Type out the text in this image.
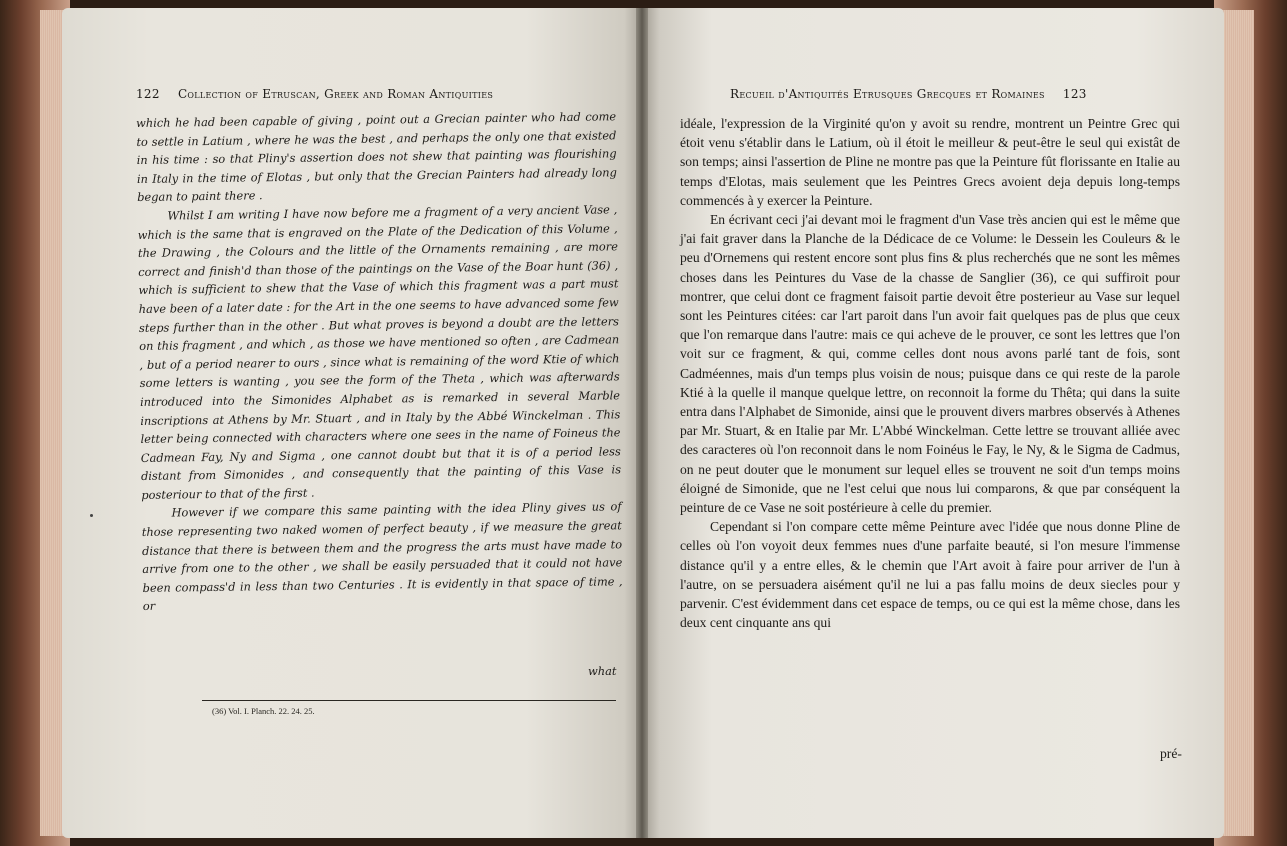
122 Collection of Etruscan, Greek and Roman Antiquities	Recueil d'Antiquités Etrusques Grecques et Romaines 123

which he had been capable of giving , point out a Grecian painter who had come to settle in Latium , where he was the best , and perhaps the only one that existed in his time : so that Pliny's assertion does not shew that painting was flourishing in Italy in the time of Elotas , but only that the Grecian Painters had already long began to paint there .

Whilst I am writing I have now before me a fragment of a very ancient Vase , which is the same that is engraved on the Plate of the Dedication of this Volume , the Drawing , the Colours and the little of the Ornaments remaining , are more correct and finish'd than those of the paintings on the Vase of the Boar hunt (36) , which is sufficient to shew that the Vase of which this fragment was a part must have been of a later date : for the Art in the one seems to have advanced some few steps further than in the other . But what proves is beyond a doubt are the letters on this fragment , and which , as those we have mentioned so often , are Cadmean , but of a period nearer to ours , since what is remaining of the word Ktie of which some letters is wanting , you see the form of the Theta , which was afterwards introduced into the Simonides Alphabet as is remarked in several Marble inscriptions at Athens by Mr. Stuart , and in Italy by the Abbé Winckelman . This letter being connected with characters where one sees in the name of Foineus the Cadmean Fay, Ny and Sigma , one cannot doubt but that it is of a period less distant from Simonides , and consequently that the painting of this Vase is posteriour to that of the first .

However if we compare this same painting with the idea Pliny gives us of those representing two naked women of perfect beauty , if we measure the great distance that there is between them and the progress the arts must have made to arrive from one to the other , we shall be easily persuaded that it could not have been compass'd in less than two Centuries . It is evidently in that space of time , or

what
(36) Vol. I. Planch. 22. 24. 25.

idéale, l'expression de la Virginité qu'on y avoit su rendre, montrent un Peintre Grec qui étoit venu s'établir dans le Latium, où il étoit le meilleur & peut-être le seul qui existât de son temps; ainsi l'assertion de Pline ne montre pas que la Peinture fût florissante en Italie au temps d'Elotas, mais seulement que les Peintres Grecs avoient deja depuis long-temps commencés à y exercer la Peinture.

En écrivant ceci j'ai devant moi le fragment d'un Vase très ancien qui est le même que j'ai fait graver dans la Planche de la Dédicace de ce Volume: le Dessein les Couleurs & le peu d'Ornemens qui restent encore sont plus fins & plus recherchés que ne sont les mêmes choses dans les Peintures du Vase de la chasse de Sanglier (36), ce qui suffiroit pour montrer, que celui dont ce fragment faisoit partie devoit être posterieur au Vase sur lequel sont les Peintures citées: car l'art paroit dans l'un avoir fait quelques pas de plus que ceux que l'on remarque dans l'autre: mais ce qui acheve de le prouver, ce sont les lettres que l'on voit sur ce fragment, & qui, comme celles dont nous avons parlé tant de fois, sont Cadméennes, mais d'un temps plus voisin de nous; puisque dans ce qui reste de la parole Ktié à la quelle il manque quelque lettre, on reconnoit la forme du Thêta; qui dans la suite entra dans l'Alphabet de Simonide, ainsi que le prouvent divers marbres observés à Athenes par Mr. Stuart, & en Italie par Mr. L'Abbé Winckelman. Cette lettre se trouvant alliée avec des caracteres où l'on reconnoit dans le nom Foinéus le Fay, le Ny, & le Sigma de Cadmus, on ne peut douter que le monument sur lequel elles se trouvent ne soit d'un temps moins éloigné de Simonide, que ne l'est celui que nous lui comparons, & que par conséquent la peinture de ce Vase ne soit postérieure à celle du premier.

Cependant si l'on compare cette même Peinture avec l'idée que nous donne Pline de celles où l'on voyoit deux femmes nues d'une parfaite beauté, si l'on mesure l'immense distance qu'il y a entre elles, & le chemin que l'Art avoit à faire pour arriver de l'un à l'autre, on se persuadera aisément qu'il ne lui a pas fallu moins de deux siecles pour y parvenir. C'est évidemment dans cet espace de temps, ou ce qui est la même chose, dans les deux cent cinquante ans qui

pré-
